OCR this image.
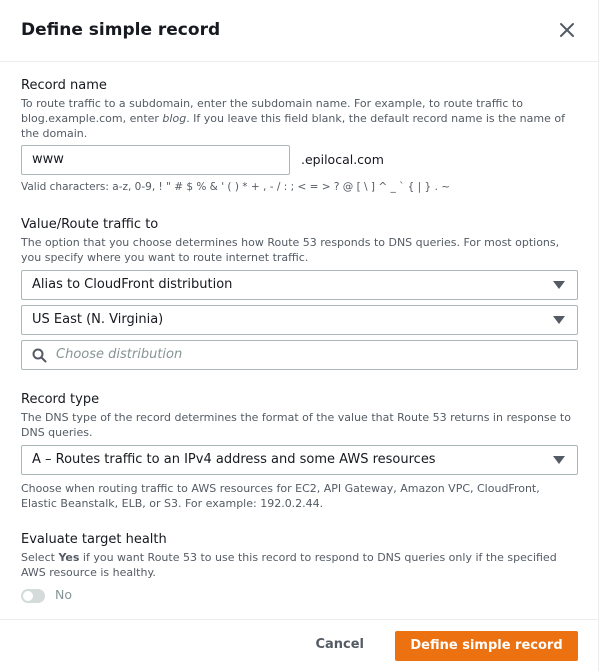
Define simple record
Record name
To route traffic to a subdomain, enter the subdomain name. For example, to route traffic to blog.example.com, enter blog. If you leave this field blank, the default record name is the name of the domain.
www	.epilocal.com
Valid characters: a-z, 0-9, ! " # $ % & ' ( ) * + , - / : ; < = > ? @ [ \ ] ^ _ ` { | } . ~
Value/Route traffic to
The option that you choose determines how Route 53 responds to DNS queries. For most options, you specify where you want to route internet traffic.
Alias to CloudFront distribution
US East (N. Virginia)
Choose distribution
Record type
The DNS type of the record determines the format of the value that Route 53 returns in response to DNS queries.
A – Routes traffic to an IPv4 address and some AWS resources
Choose when routing traffic to AWS resources for EC2, API Gateway, Amazon VPC, CloudFront, Elastic Beanstalk, ELB, or S3. For example: 192.0.2.44.
Evaluate target health
Select Yes if you want Route 53 to use this record to respond to DNS queries only if the specified AWS resource is healthy.
No
Cancel	Define simple record
